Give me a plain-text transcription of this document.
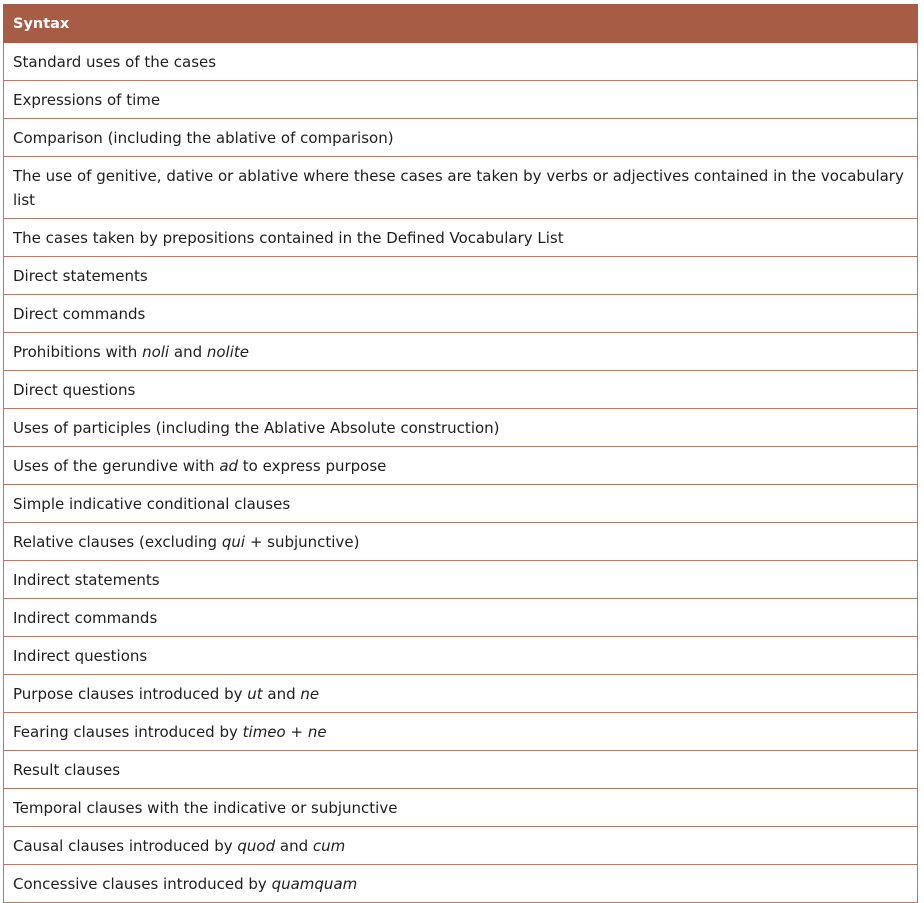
Syntax
Standard uses of the cases
Expressions of time
Comparison (including the ablative of comparison)
The use of genitive, dative or ablative where these cases are taken by verbs or adjectives contained in the vocabulary list
The cases taken by prepositions contained in the Defined Vocabulary List
Direct statements
Direct commands
Prohibitions with noli and nolite
Direct questions
Uses of participles (including the Ablative Absolute construction)
Uses of the gerundive with ad to express purpose
Simple indicative conditional clauses
Relative clauses (excluding qui + subjunctive)
Indirect statements
Indirect commands
Indirect questions
Purpose clauses introduced by ut and ne
Fearing clauses introduced by timeo + ne
Result clauses
Temporal clauses with the indicative or subjunctive
Causal clauses introduced by quod and cum
Concessive clauses introduced by quamquam
